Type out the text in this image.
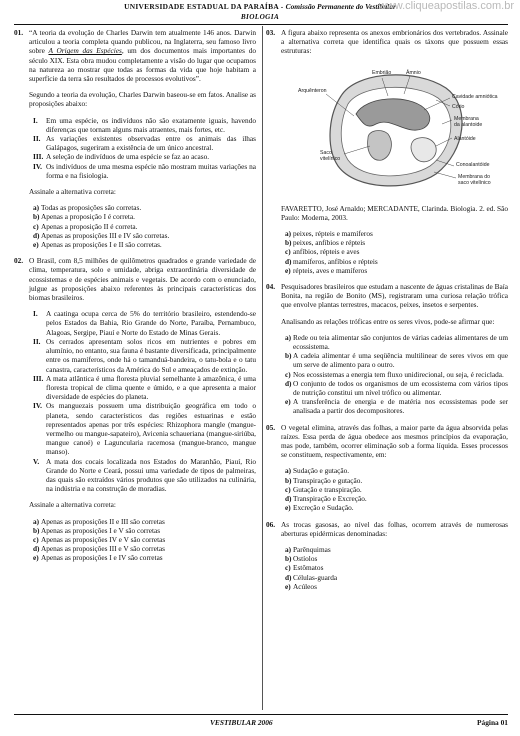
UNIVERSIDADE ESTADUAL DA PARAÍBA - Comissão Permanente do Vestibular
www.cliqueapostilas.com.br
BIOLOGIA
01. “A teoria da evolução de Charles Darwin tem atualmente 146 anos. Darwin articulou a teoria completa quando publicou, na Inglaterra, seu famoso livro sobre A Origem das Espécies, um dos documentos mais importantes do século XIX. Esta obra mudou completamente a visão do lugar que ocupamos na natureza ao mostrar que todas as formas da vida que hoje habitam a superfície da terra são resultados de processos evolutivos”.

Segundo a teoria da evolução, Charles Darwin baseou-se em fatos. Analise as proposições abaixo:

I. Em uma espécie, os indivíduos não são exatamente iguais, havendo diferenças que tornam alguns mais atraentes, mais fortes, etc.
II. As variações existentes observadas entre os animais das ilhas Galápagos, sugeriram a existência de um único ancestral.
III. A seleção de indivíduos de uma espécie se faz ao acaso.
IV. Os indivíduos de uma mesma espécie não mostram muitas variações na forma e na fisiologia.

Assinale a alternativa correta:

a) Todas as proposições são corretas.
b) Apenas a proposição I é correta.
c) Apenas a proposição II é correta.
d) Apenas as proposições III e IV são corretas.
e) Apenas as proposições I e II são corretas.
02. O Brasil, com 8,5 milhões de quilômetros quadrados e grande variedade de clima, temperatura, solo e umidade, abriga extraordinária diversidade de ecossistemas e de espécies animais e vegetais. De acordo com o enunciado, julgue as proposições abaixo referentes às principais características dos biomas brasileiros.

I. A caatinga ocupa cerca de 5% do território brasileiro, estendendo-se pelos Estados da Bahia, Rio Grande do Norte, Paraíba, Pernambuco, Alagoas, Sergipe, Piauí e Norte do Estado de Minas Gerais.
II. Os cerrados apresentam solos ricos em nutrientes e pobres em alumínio, no entanto, sua fauna é bastante diversificada, principalmente entre os mamíferos, onde há o tamanduá-bandeira, o tatu-bola e o tatu canastra, característicos da América do Sul e ameaçados de extinção.
III. A mata atlântica é uma floresta pluvial semelhante à amazônica, é uma floresta tropical de clima quente e úmido, e a que apresenta a maior diversidade de espécies do planeta.
IV. Os manguezais possuem uma distribuição geográfica em todo o planeta, sendo característicos das regiões estuarinas e estão representados apenas por três espécies: Rhizophora mangle (mangue-vermelho ou mangue-sapateiro), Avicenia schaueriana (mangue-siriúba, mangue canoé) e Laguncularia racemosa (mangue-branco, mangue manso).
V. A mata dos cocais localizada nos Estados do Maranhão, Piauí, Rio Grande do Norte e Ceará, possui uma variedade de tipos de palmeiras, das quais são extraídos vários produtos que são utilizados na culinária, na indústria e na construção de moradias.

Assinale a alternativa correta:

a) Apenas as proposições II e III são corretas
b) Apenas as proposições I e V são corretas
c) Apenas as proposições IV e V são corretas
d) Apenas as proposições III e V são corretas
e) Apenas as proposições I e IV são corretas
03. A figura abaixo representa os anexos embrionários dos vertebrados. Assinale a alternativa correta que identifica quais os táxons que possuem essas estruturas:

Embrião	Âmnio
Arquênteron
Cavidade amniótica
Cório
Membrana da alantoide
Alantóide
Saco vitelínico
Conoalantóide
Membrana do saco vitelínico

FAVARETTO, José Arnaldo; MERCADANTE, Clarinda. Biologia. 2. ed. São Paulo: Moderna, 2003.

a) peixes, répteis e mamíferos
b) peixes, anfíbios e répteis
c) anfíbios, répteis e aves
d) mamíferos, anfíbios e répteis
e) répteis, aves e mamíferos
04. Pesquisadores brasileiros que estudam a nascente de águas cristalinas de Baía Bonita, na região de Bonito (MS), registraram uma curiosa relação trófica que envolve plantas terrestres, macacos, peixes, insetos e serpentes.

Analisando as relações tróficas entre os seres vivos, pode-se afirmar que:

a) Rede ou teia alimentar são conjuntos de várias cadeias alimentares de um ecossistema.
b) A cadeia alimentar é uma seqüência multilinear de seres vivos em que um serve de alimento para o outro.
c) Nos ecossistemas a energia tem fluxo unidirecional, ou seja, é reciclada.
d) O conjunto de todos os organismos de um ecossistema com vários tipos de nutrição constitui um nível trófico ou alimentar.
e) A transferência de energia e de matéria nos ecossistemas pode ser analisada a partir dos decompositores.
05. O vegetal elimina, através das folhas, a maior parte da água absorvida pelas raízes. Essa perda de água obedece aos mesmos princípios da evaporação, mas pode, também, ocorrer eliminação sob a forma líquida. Esses processos se constituem, respectivamente, em:

a) Sudação e gutação.
b) Transpiração e gutação.
c) Gutação e transpiração.
d) Transpiração e Excreção.
e) Excreção e Sudação.
06. As trocas gasosas, ao nível das folhas, ocorrem através de numerosas aberturas epidérmicas denominadas:

a) Parênquimas
b) Ostíolos
c) Estômatos
d) Células-guarda
e) Acúleos
VESTIBULAR 2006	Página 01
